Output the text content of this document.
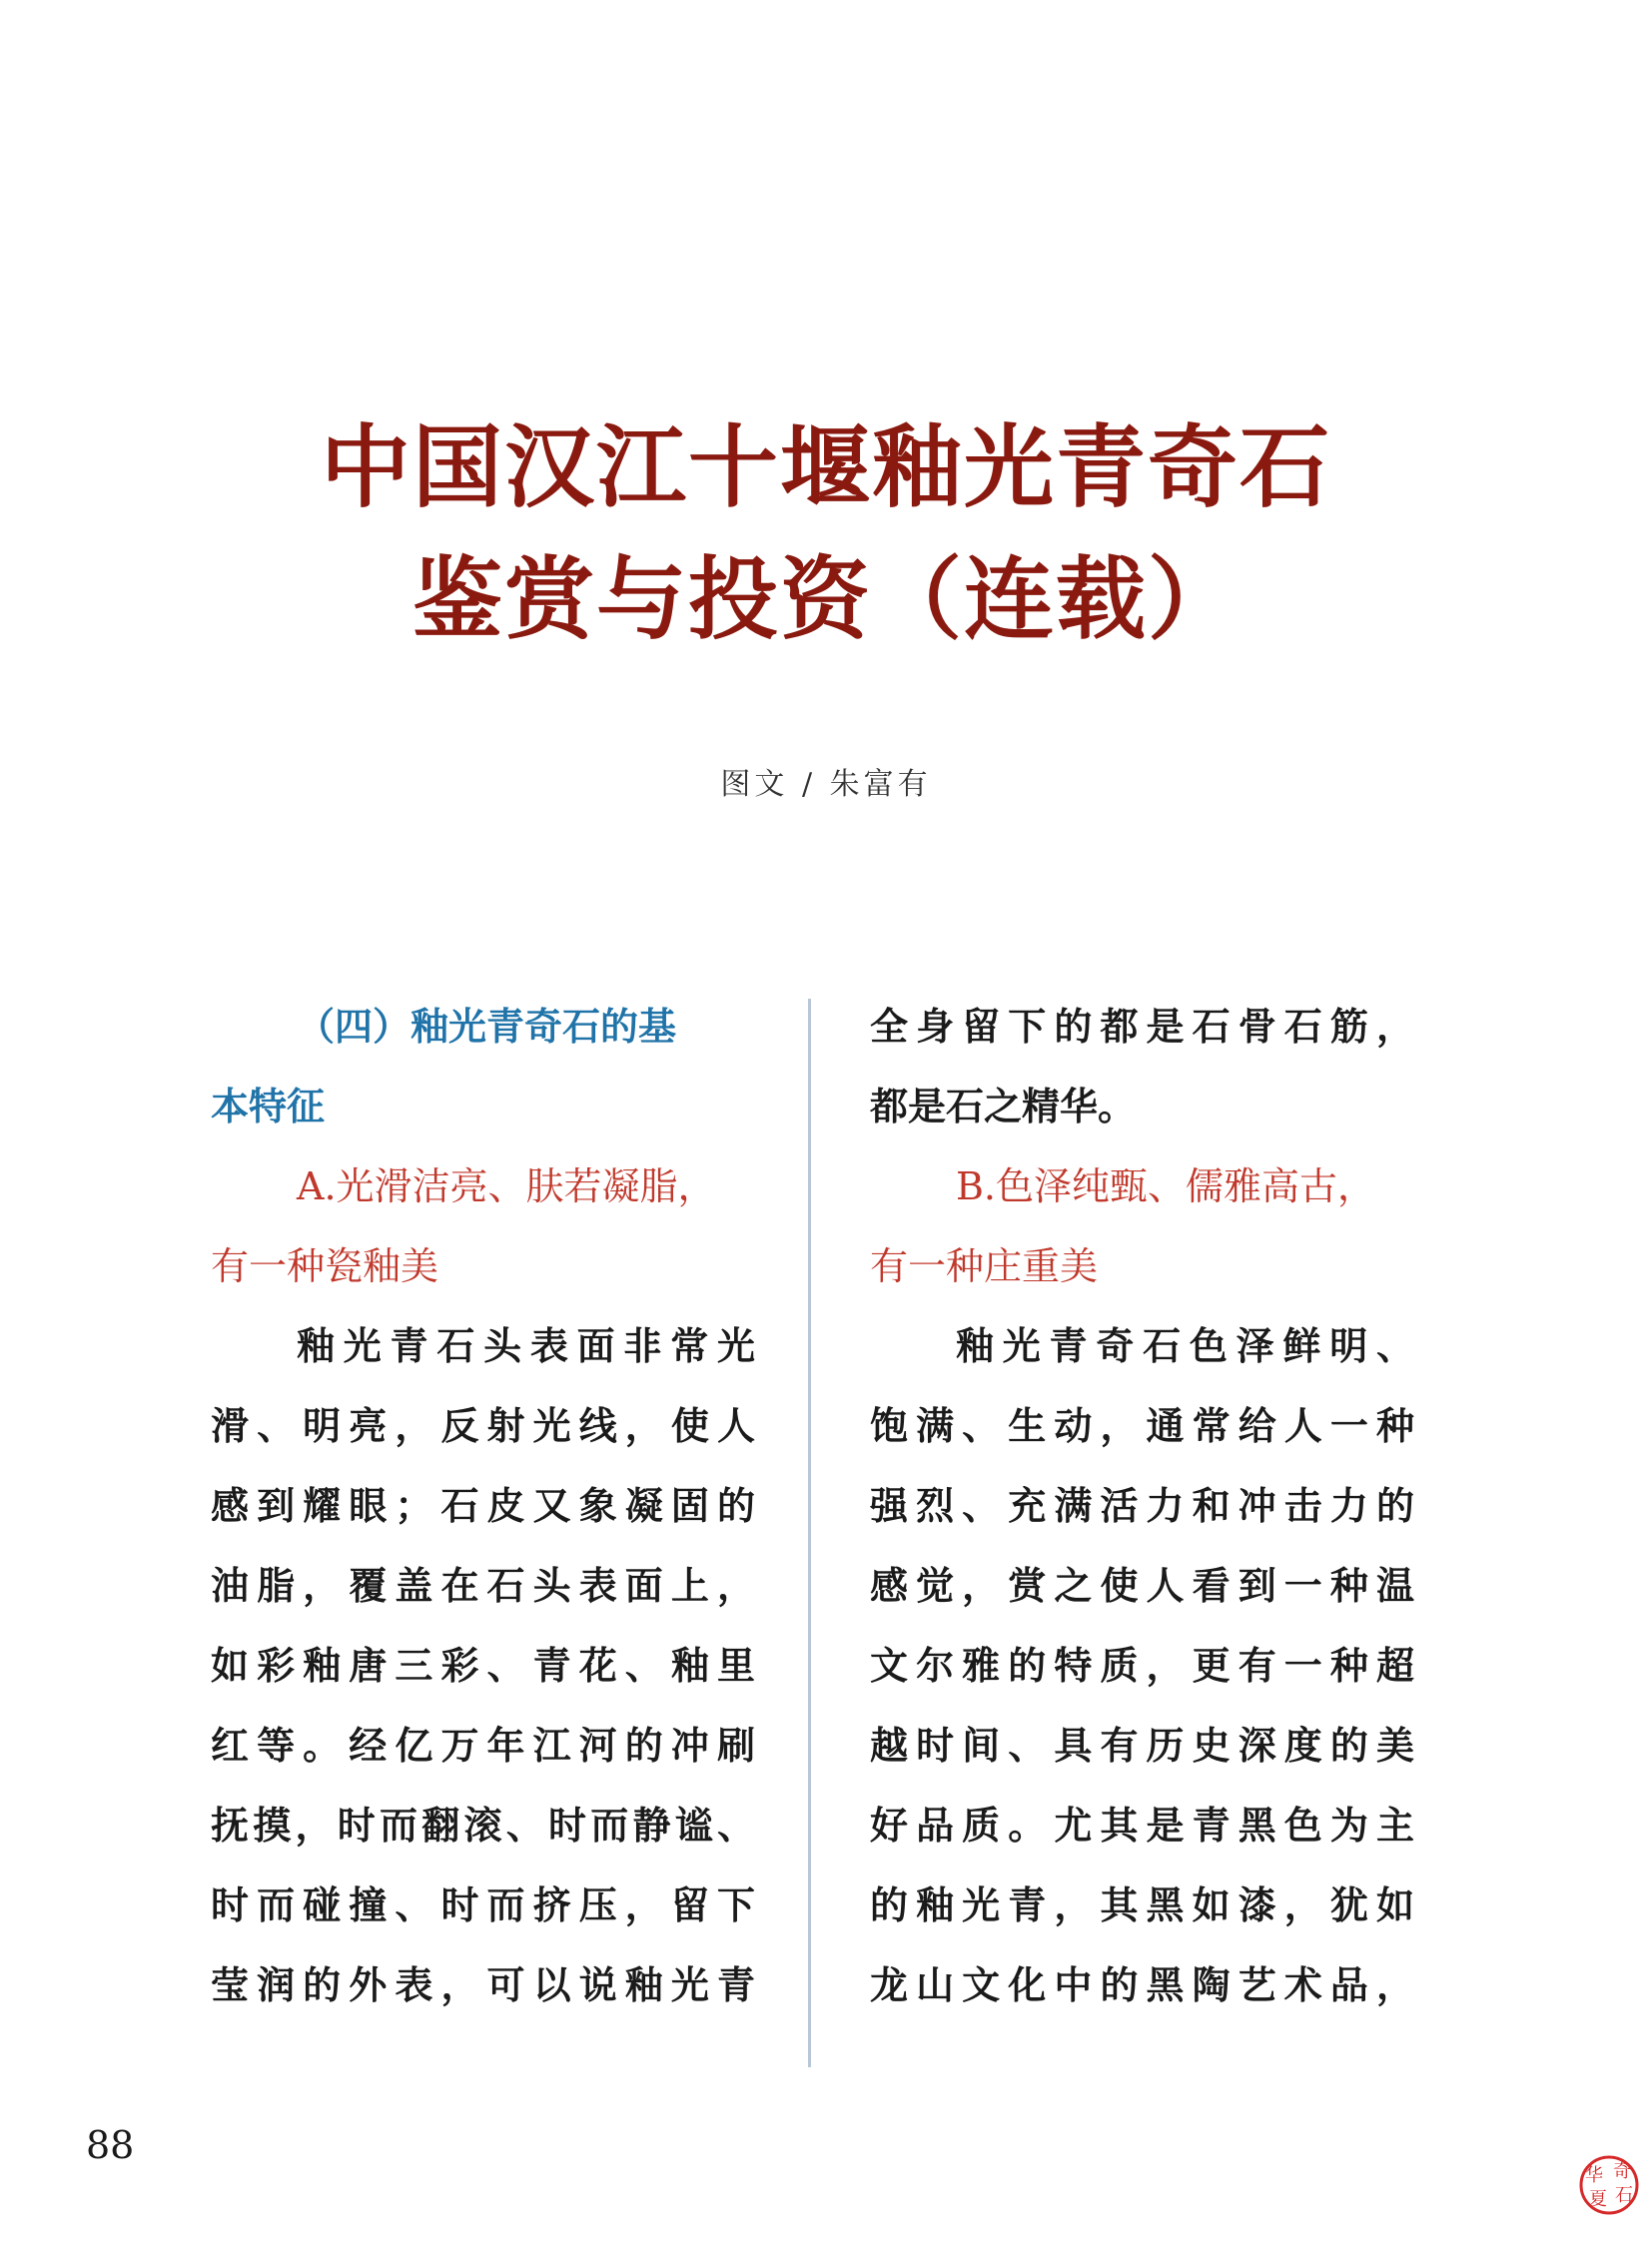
中国汉江十堰釉光青奇石
鉴赏与投资（连载）
图文 / 朱富有
（四）釉光青奇石的基
本特征
A.光滑洁亮、肤若凝脂，
有一种瓷釉美
釉光青石头表面非常光
滑、明亮，反射光线，使人
感到耀眼；石皮又象凝固的
油脂，覆盖在石头表面上，
如彩釉唐三彩、青花、釉里
红等。经亿万年江河的冲刷
抚摸，时而翻滚、时而静谧、
时而碰撞、时而挤压，留下
莹润的外表，可以说釉光青
全身留下的都是石骨石筋，
都是石之精华。
B.色泽纯甄、儒雅高古，
有一种庄重美
釉光青奇石色泽鲜明、
饱满、生动，通常给人一种
强烈、充满活力和冲击力的
感觉，赏之使人看到一种温
文尔雅的特质，更有一种超
越时间、具有历史深度的美
好品质。尤其是青黑色为主
的釉光青，其黑如漆，犹如
龙山文化中的黑陶艺术品，
88
华 奇
夏 石
